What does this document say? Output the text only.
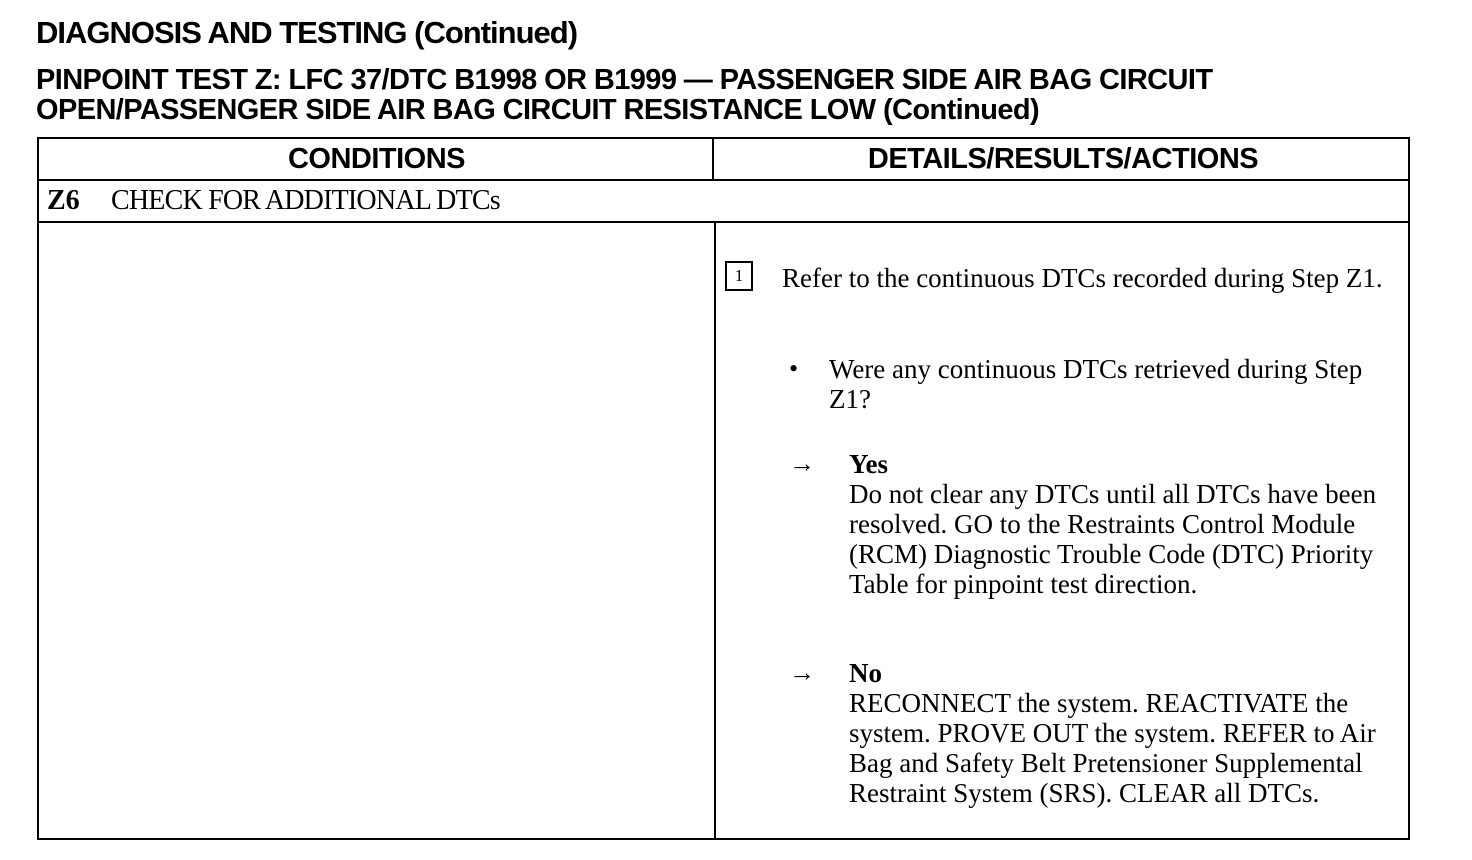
DIAGNOSIS AND TESTING (Continued)
PINPOINT TEST Z: LFC 37/DTC B1998 OR B1999 — PASSENGER SIDE AIR BAG CIRCUIT
OPEN/PASSENGER SIDE AIR BAG CIRCUIT RESISTANCE LOW (Continued)
CONDITIONS	DETAILS/RESULTS/ACTIONS
Z6 CHECK FOR ADDITIONAL DTCs
1	Refer to the continuous DTCs recorded during Step Z1.
• Were any continuous DTCs retrieved during Step Z1?
→ Yes
Do not clear any DTCs until all DTCs have been resolved. GO to the Restraints Control Module (RCM) Diagnostic Trouble Code (DTC) Priority Table for pinpoint test direction.
→ No
RECONNECT the system. REACTIVATE the system. PROVE OUT the system. REFER to Air Bag and Safety Belt Pretensioner Supplemental Restraint System (SRS). CLEAR all DTCs.
